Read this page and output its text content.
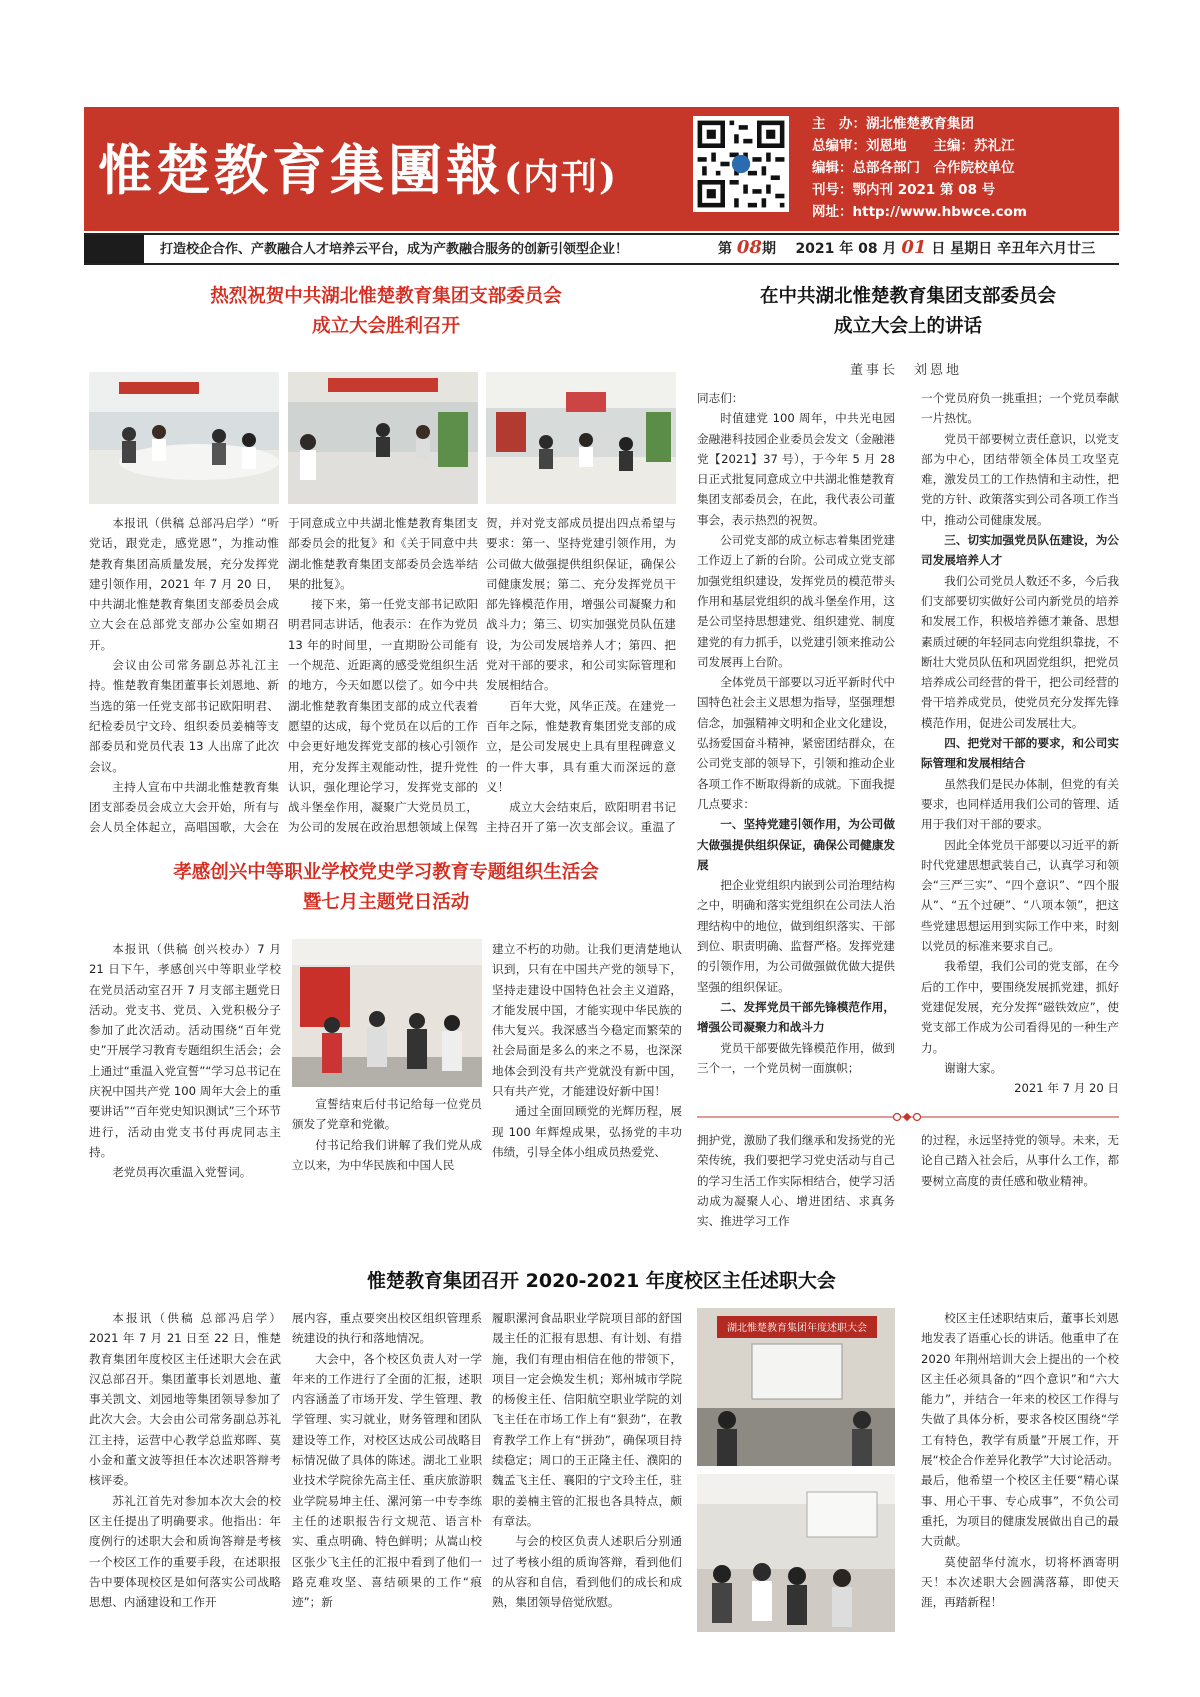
惟楚教育集團報(内刊)
主　办：湖北惟楚教育集团
总编审：刘恩地　　主编：苏礼江
编辑：总部各部门　合作院校单位
刊号：鄂内刊 2021 第 08 号
网址：http://www.hbwce.com
打造校企合作、产教融合人才培养云平台，成为产教融合服务的创新引领型企业！	第 08期 2021 年 08 月 01 日 星期日 辛丑年六月廿三
热烈祝贺中共湖北惟楚教育集团支部委员会
成立大会胜利召开

本报讯（供稿 总部冯启学）“听党话，跟党走，感党恩”，为推动惟楚教育集团高质量发展，充分发挥党建引领作用，2021 年 7 月 20 日，中共湖北惟楚教育集团支部委员会成立大会在总部党支部办公室如期召开。

会议由公司常务副总苏礼江主持。惟楚教育集团董事长刘恩地、新当选的第一任党支部书记欧阳明君、纪检委员宁文玲、组织委员姜楠等支部委员和党员代表 13 人出席了此次会议。

主持人宣布中共湖北惟楚教育集团支部委员会成立大会开始，所有与会人员全体起立，高唱国歌，大会在

于同意成立中共湖北惟楚教育集团支部委员会的批复》和《关于同意中共湖北惟楚教育集团支部委员会选举结果的批复》。

接下来，第一任党支部书记欧阳明君同志讲话，他表示：在作为党员 13 年的时间里，一直期盼公司能有一个规范、近距离的感受党组织生活的地方，今天如愿以偿了。如今中共湖北惟楚教育集团支部的成立代表着愿望的达成，每个党员在以后的工作中会更好地发挥党支部的核心引领作用，充分发挥主观能动性，提升党性认识，强化理论学习，发挥党支部的战斗堡垒作用，凝聚广大党员员工，为公司的发展在政治思想领域上保驾

贺，并对党支部成员提出四点希望与要求：第一、坚持党建引领作用，为公司做大做强提供组织保证，确保公司健康发展；第二、充分发挥党员干部先锋模范作用，增强公司凝聚力和战斗力；第三、切实加强党员队伍建设，为公司发展培养人才；第四、把党对干部的要求，和公司实际管理和发展相结合。

百年大党，风华正茂。在建党一百年之际，惟楚教育集团党支部的成立，是公司发展史上具有里程碑意义的一件大事，具有重大而深远的意义！

成立大会结束后，欧阳明君书记主持召开了第一次支部会议。重温了

在中共湖北惟楚教育集团支部委员会
成立大会上的讲话
董事长　刘恩地

同志们：

时值建党 100 周年，中共光电园金融港科技园企业委员会发文（金融港党【2021】37 号），于今年 5 月 28 日正式批复同意成立中共湖北惟楚教育集团支部委员会，在此，我代表公司董事会，表示热烈的祝贺。

公司党支部的成立标志着集团党建工作迈上了新的台阶。公司成立党支部加强党组织建设，发挥党员的模范带头作用和基层党组织的战斗堡垒作用，这是公司坚持思想建党、组织建党、制度建党的有力抓手，以党建引领来推动公司发展再上台阶。

全体党员干部要以习近平新时代中国特色社会主义思想为指导，坚强理想信念，加强精神文明和企业文化建设，弘扬爱国奋斗精神，紧密团结群众，在公司党支部的领导下，引领和推动企业各项工作不断取得新的成就。下面我提几点要求：

一、坚持党建引领作用，为公司做大做强提供组织保证，确保公司健康发展

把企业党组织内嵌到公司治理结构之中，明确和落实党组织在公司法人治理结构中的地位，做到组织落实、干部到位、职责明确、监督严格。发挥党建的引领作用，为公司做强做优做大提供坚强的组织保证。

二、发挥党员干部先锋模范作用，增强公司凝聚力和战斗力

党员干部要做先锋模范作用，做到三个一，一个党员树一面旗帜；

一个党员府负一挑重担；一个党员奉献一片热忱。

党员干部要树立责任意识，以党支部为中心，团结带领全体员工攻坚克难，激发员工的工作热情和主动性，把党的方针、政策落实到公司各项工作当中，推动公司健康发展。

三、切实加强党员队伍建设，为公司发展培养人才

我们公司党员人数还不多，今后我们支部要切实做好公司内新党员的培养和发展工作，积极培养德才兼备、思想素质过硬的年轻同志向党组织靠拢，不断壮大党员队伍和巩固党组织，把党员培养成公司经营的骨干，把公司经营的骨干培养成党员，使党员充分发挥先锋模范作用，促进公司发展壮大。

四、把党对干部的要求，和公司实际管理和发展相结合

虽然我们是民办体制，但党的有关要求，也同样适用我们公司的管理、适用于我们对干部的要求。

因此全体党员干部要以习近平的新时代党建思想武装自己，认真学习和领会“三严三实”、“四个意识”、“四个服从”、“五个过硬”、“八项本领”，把这些党建思想运用到实际工作中来，时刻以党员的标准来要求自己。

我希望，我们公司的党支部，在今后的工作中，要围绕发展抓党建，抓好党建促发展，充分发挥“磁铁效应”，使党支部工作成为公司看得见的一种生产力。

谢谢大家。

2021 年 7 月 20 日

孝感创兴中等职业学校党史学习教育专题组织生活会
暨七月主题党日活动

本报讯（供稿 创兴校办）7 月 21 日下午，孝感创兴中等职业学校在党员活动室召开 7 月支部主题党日活动。党支书、党员、入党积极分子参加了此次活动。活动围绕“百年党史”开展学习教育专题组织生活会；会上通过“重温入党宣誓”“学习总书记在庆祝中国共产党 100 周年大会上的重要讲话”“百年党史知识测试”三个环节进行，活动由党支书付再虎同志主持。

老党员再次重温入党誓词。

宣誓结束后付书记给每一位党员颁发了党章和党徽。

付书记给我们讲解了我们党从成立以来，为中华民族和中国人民

建立不朽的功勋。让我们更清楚地认识到，只有在中国共产党的领导下，坚持走建设中国特色社会主义道路，才能发展中国，才能实现中华民族的伟大复兴。我深感当今稳定而繁荣的社会局面是多么的来之不易，也深深地体会到没有共产党就没有新中国，只有共产党，才能建设好新中国！

通过全面回顾党的光辉历程，展现 100 年辉煌成果，弘扬党的丰功伟绩，引导全体小组成员热爱党、

拥护党，激励了我们继承和发扬党的光荣传统，我们要把学习党史活动与自己的学习生活工作实际相结合，使学习活动成为凝聚人心、增进团结、求真务实、推进学习工作

的过程，永远坚持党的领导。未来，无论自己踏入社会后，从事什么工作，都要树立高度的责任感和敬业精神。

惟楚教育集团召开 2020-2021 年度校区主任述职大会

本报讯（供稿 总部冯启学）2021 年 7 月 21 日至 22 日，惟楚教育集团年度校区主任述职大会在武汉总部召开。集团董事长刘恩地、董事关凯文、刘园地等集团领导参加了此次大会。大会由公司常务副总苏礼江主持，运营中心教学总监郑晖、莫小金和董文波等担任本次述职答辩考核评委。

苏礼江首先对参加本次大会的校区主任提出了明确要求。他指出：年度例行的述职大会和质询答辩是考核一个校区工作的重要手段，在述职报告中要体现校区是如何落实公司战略思想、内涵建设和工作开

展内容，重点要突出校区组织管理系统建设的执行和落地情况。

大会中，各个校区负责人对一学年来的工作进行了全面的汇报，述职内容涵盖了市场开发、学生管理、教学管理、实习就业，财务管理和团队建设等工作，对校区达成公司战略目标情况做了具体的陈述。湖北工业职业技术学院徐先高主任、重庆旅游职业学院易坤主任、漯河第一中专李练主任的述职报告行文规范、语言朴实、重点明确、特色鲜明；从嵩山校区张少飞主任的汇报中看到了他们一路克难攻坚、喜结硕果的工作“痕迹”；新

履职漯河食品职业学院项目部的舒国晟主任的汇报有思想、有计划、有措施，我们有理由相信在他的带领下，项目一定会焕发生机；郑州城市学院的杨俊主任、信阳航空职业学院的刘飞主任在市场工作上有“狠劲”，在教育教学工作上有“拼劲”，确保项目持续稳定；周口的王正隆主任、濮阳的魏孟飞主任、襄阳的宁文玲主任，驻职的姜楠主管的汇报也各具特点，颇有章法。

与会的校区负责人述职后分别通过了考核小组的质询答辩，看到他们的从容和自信，看到他们的成长和成熟，集团领导倍觉欣慰。

湖北惟楚教育集团年度述职大会

校区主任述职结束后，董事长刘恩地发表了语重心长的讲话。他重申了在 2020 年荆州培训大会上提出的一个校区主任必须具备的“四个意识”和“六大能力”，并结合一年来的校区工作得与失做了具体分析，要求各校区围绕“学工有特色，教学有质量”开展工作，开展“校企合作差异化教学”大讨论活动。最后，他希望一个校区主任要“精心谋事、用心干事、专心成事”，不负公司重托，为项目的健康发展做出自己的最大贡献。

莫使韶华付流水，切将杯酒寄明天！本次述职大会圆满落幕，即使天涯，再踏新程！
